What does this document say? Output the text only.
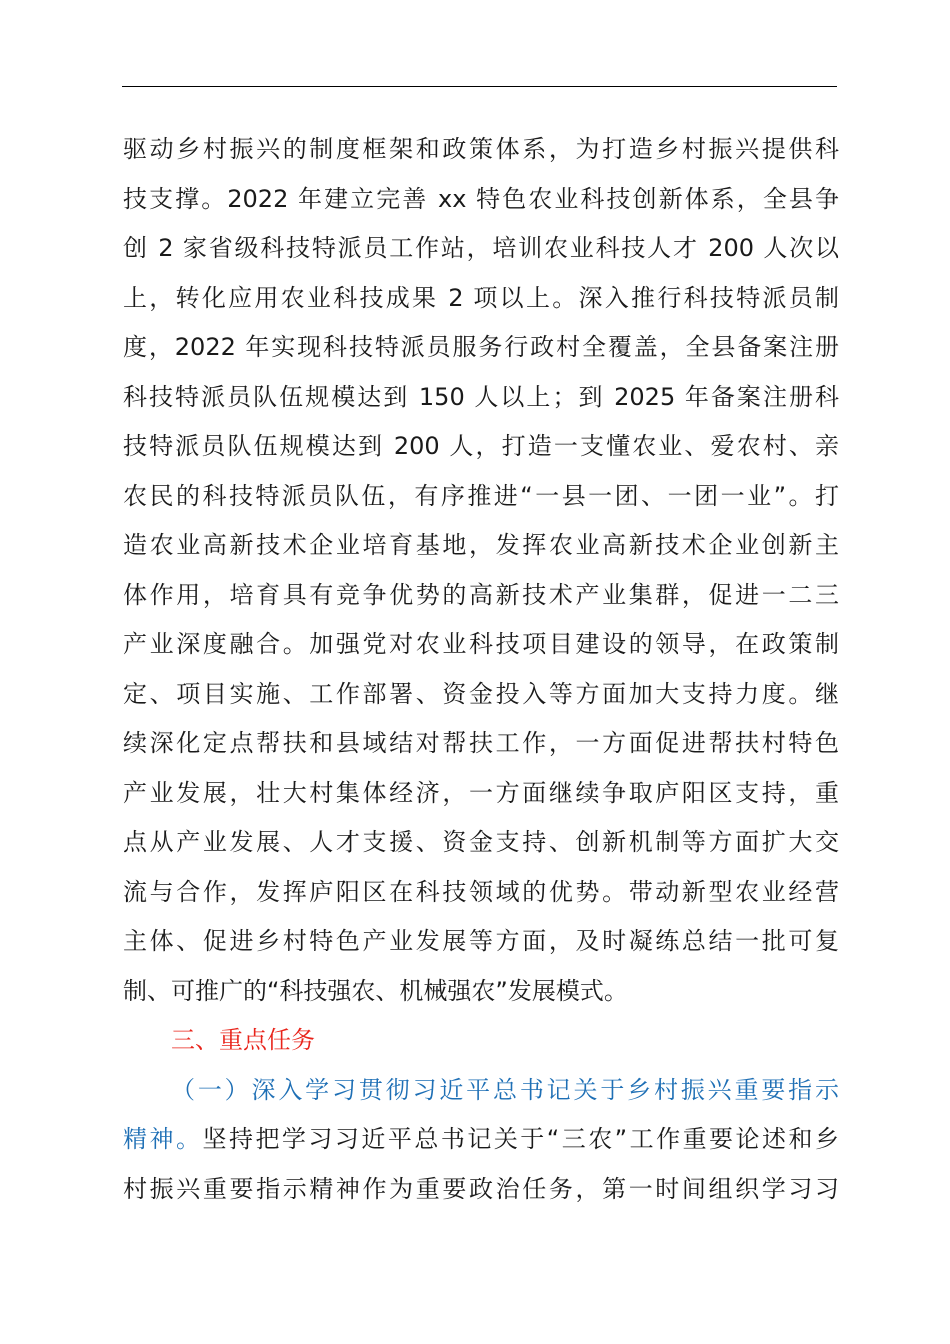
驱动乡村振兴的制度框架和政策体系，为打造乡村振兴提供科
技支撑。2022 年建立完善 xx 特色农业科技创新体系，全县争
创 2 家省级科技特派员工作站，培训农业科技人才 200 人次以
上，转化应用农业科技成果 2 项以上。深入推行科技特派员制
度，2022 年实现科技特派员服务行政村全覆盖，全县备案注册
科技特派员队伍规模达到 150 人以上；到 2025 年备案注册科
技特派员队伍规模达到 200 人，打造一支懂农业、爱农村、亲
农民的科技特派员队伍，有序推进“一县一团、一团一业”。打
造农业高新技术企业培育基地，发挥农业高新技术企业创新主
体作用，培育具有竞争优势的高新技术产业集群，促进一二三
产业深度融合。加强党对农业科技项目建设的领导，在政策制
定、项目实施、工作部署、资金投入等方面加大支持力度。继
续深化定点帮扶和县域结对帮扶工作，一方面促进帮扶村特色
产业发展，壮大村集体经济，一方面继续争取庐阳区支持，重
点从产业发展、人才支援、资金支持、创新机制等方面扩大交
流与合作，发挥庐阳区在科技领域的优势。带动新型农业经营
主体、促进乡村特色产业发展等方面，及时凝练总结一批可复
制、可推广的“科技强农、机械强农”发展模式。
三、重点任务
（一）深入学习贯彻习近平总书记关于乡村振兴重要指示
精神。坚持把学习习近平总书记关于“三农”工作重要论述和乡
村振兴重要指示精神作为重要政治任务，第一时间组织学习习
